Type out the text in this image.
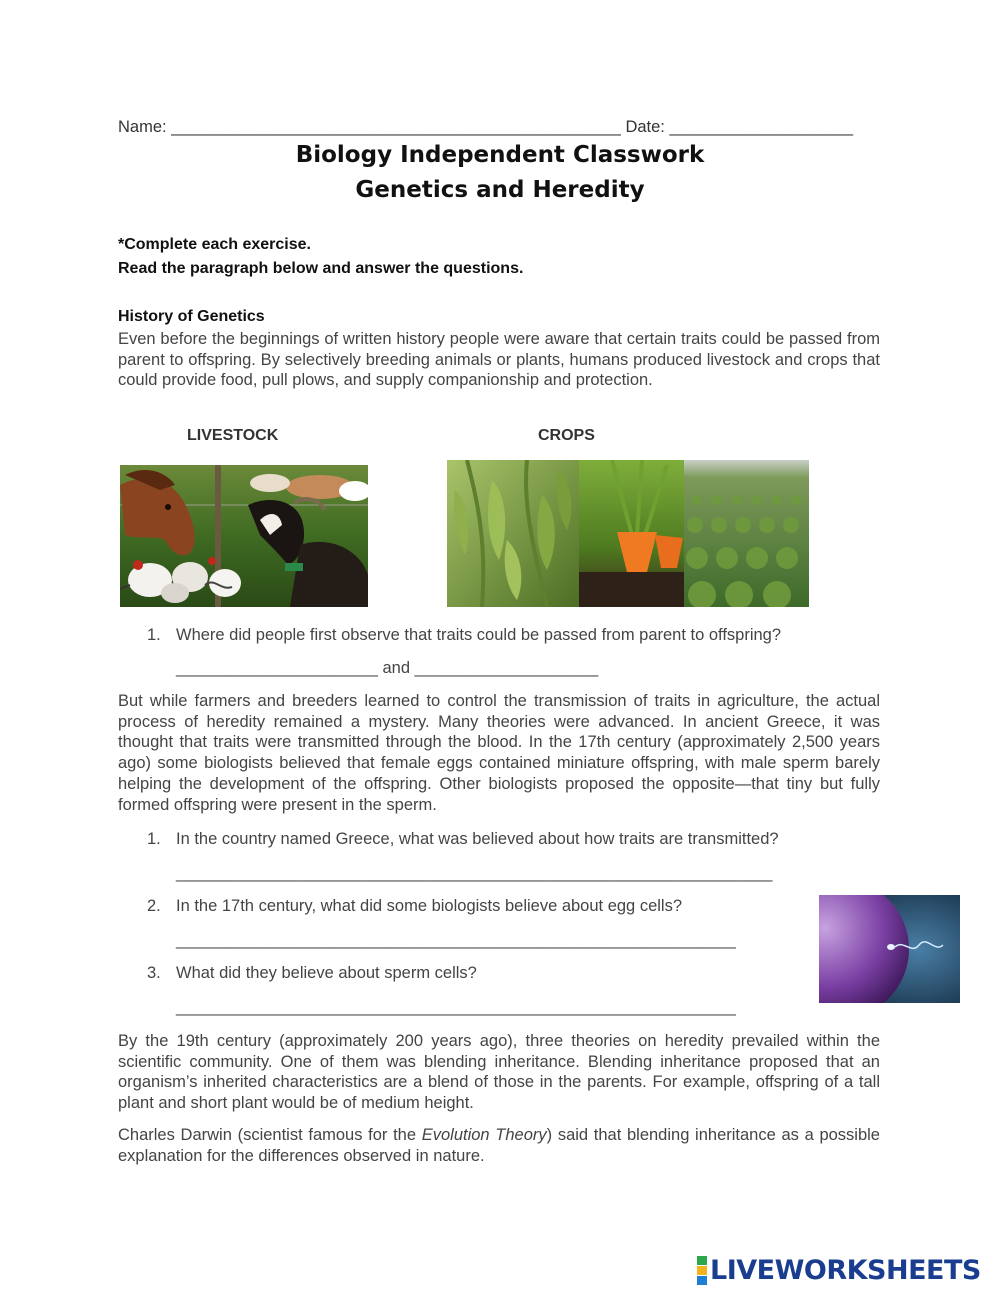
Name: _________________________________________________ Date: ____________________
Biology Independent Classwork
Genetics and Heredity
*Complete each exercise.
Read the paragraph below and answer the questions.
History of Genetics
Even before the beginnings of written history people were aware that certain traits could be passed from parent to offspring. By selectively breeding animals or plants, humans produced livestock and crops that could provide food, pull plows, and supply companionship and protection.
LIVESTOCK	CROPS
1. Where did people first observe that traits could be passed from parent to offspring?
______________________ and ____________________
But while farmers and breeders learned to control the transmission of traits in agriculture, the actual process of heredity remained a mystery. Many theories were advanced. In ancient Greece, it was thought that traits were transmitted through the blood. In the 17th century (approximately 2,500 years ago) some biologists believed that female eggs contained miniature offspring, with male sperm barely helping the development of the offspring. Other biologists proposed the opposite—that tiny but fully formed offspring were present in the sperm.
1. In the country named Greece, what was believed about how traits are transmitted?
_________________________________________________________________
2. In the 17th century, what did some biologists believe about egg cells?
_____________________________________________________________
3. What did they believe about sperm cells?
_____________________________________________________________
By the 19th century (approximately 200 years ago), three theories on heredity prevailed within the scientific community. One of them was blending inheritance. Blending inheritance proposed that an organism’s inherited characteristics are a blend of those in the parents. For example, offspring of a tall plant and short plant would be of medium height.
Charles Darwin (scientist famous for the Evolution Theory) said that blending inheritance as a possible explanation for the differences observed in nature.
LIVEWORKSHEETS
